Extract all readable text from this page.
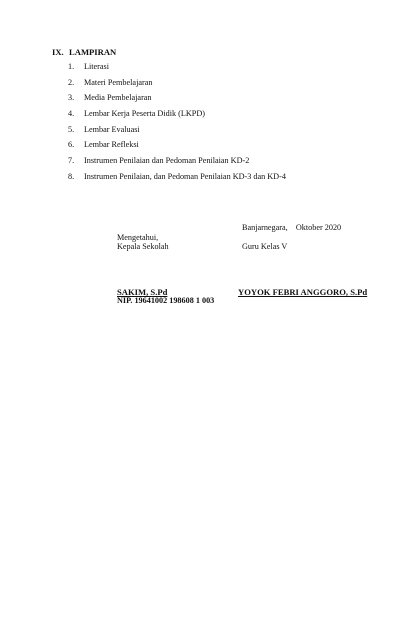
IX. LAMPIRAN
1. Literasi
2. Materi Pembelajaran
3. Media Pembelajaran
4. Lembar Kerja Peserta Didik (LKPD)
5. Lembar Evaluasi
6. Lembar Refleksi
7. Instrumen Penilaian dan Pedoman Penilaian KD-2
8. Instrumen Penilaian, dan Pedoman Penilaian KD-3 dan KD-4
Banjarnegara, Oktober 2020
Mengetahui,
Kepala Sekolah	Guru Kelas V
SAKIM, S.Pd	YOYOK FEBRI ANGGORO, S.Pd
NIP. 19641002 198608 1 003
